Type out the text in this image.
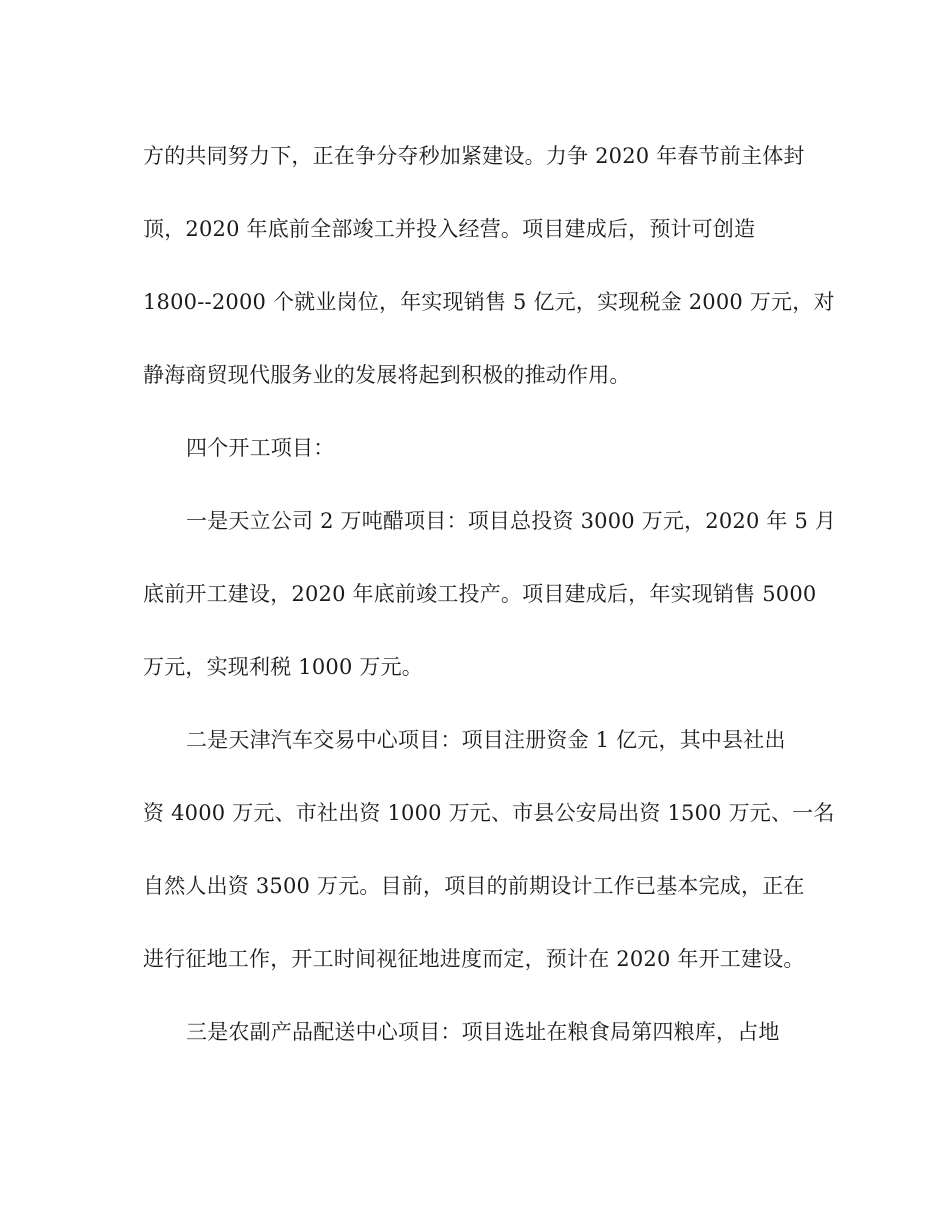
方的共同努力下，正在争分夺秒加紧建设。力争 2020 年春节前主体封
顶，2020 年底前全部竣工并投入经营。项目建成后，预计可创造
1800--2000 个就业岗位，年实现销售 5 亿元，实现税金 2000 万元，对
静海商贸现代服务业的发展将起到积极的推动作用。
四个开工项目：
一是天立公司 2 万吨醋项目：项目总投资 3000 万元，2020 年 5 月
底前开工建设，2020 年底前竣工投产。项目建成后，年实现销售 5000
万元，实现利税 1000 万元。
二是天津汽车交易中心项目：项目注册资金 1 亿元，其中县社出
资 4000 万元、市社出资 1000 万元、市县公安局出资 1500 万元、一名
自然人出资 3500 万元。目前，项目的前期设计工作已基本完成，正在
进行征地工作，开工时间视征地进度而定，预计在 2020 年开工建设。
三是农副产品配送中心项目：项目选址在粮食局第四粮库，占地
